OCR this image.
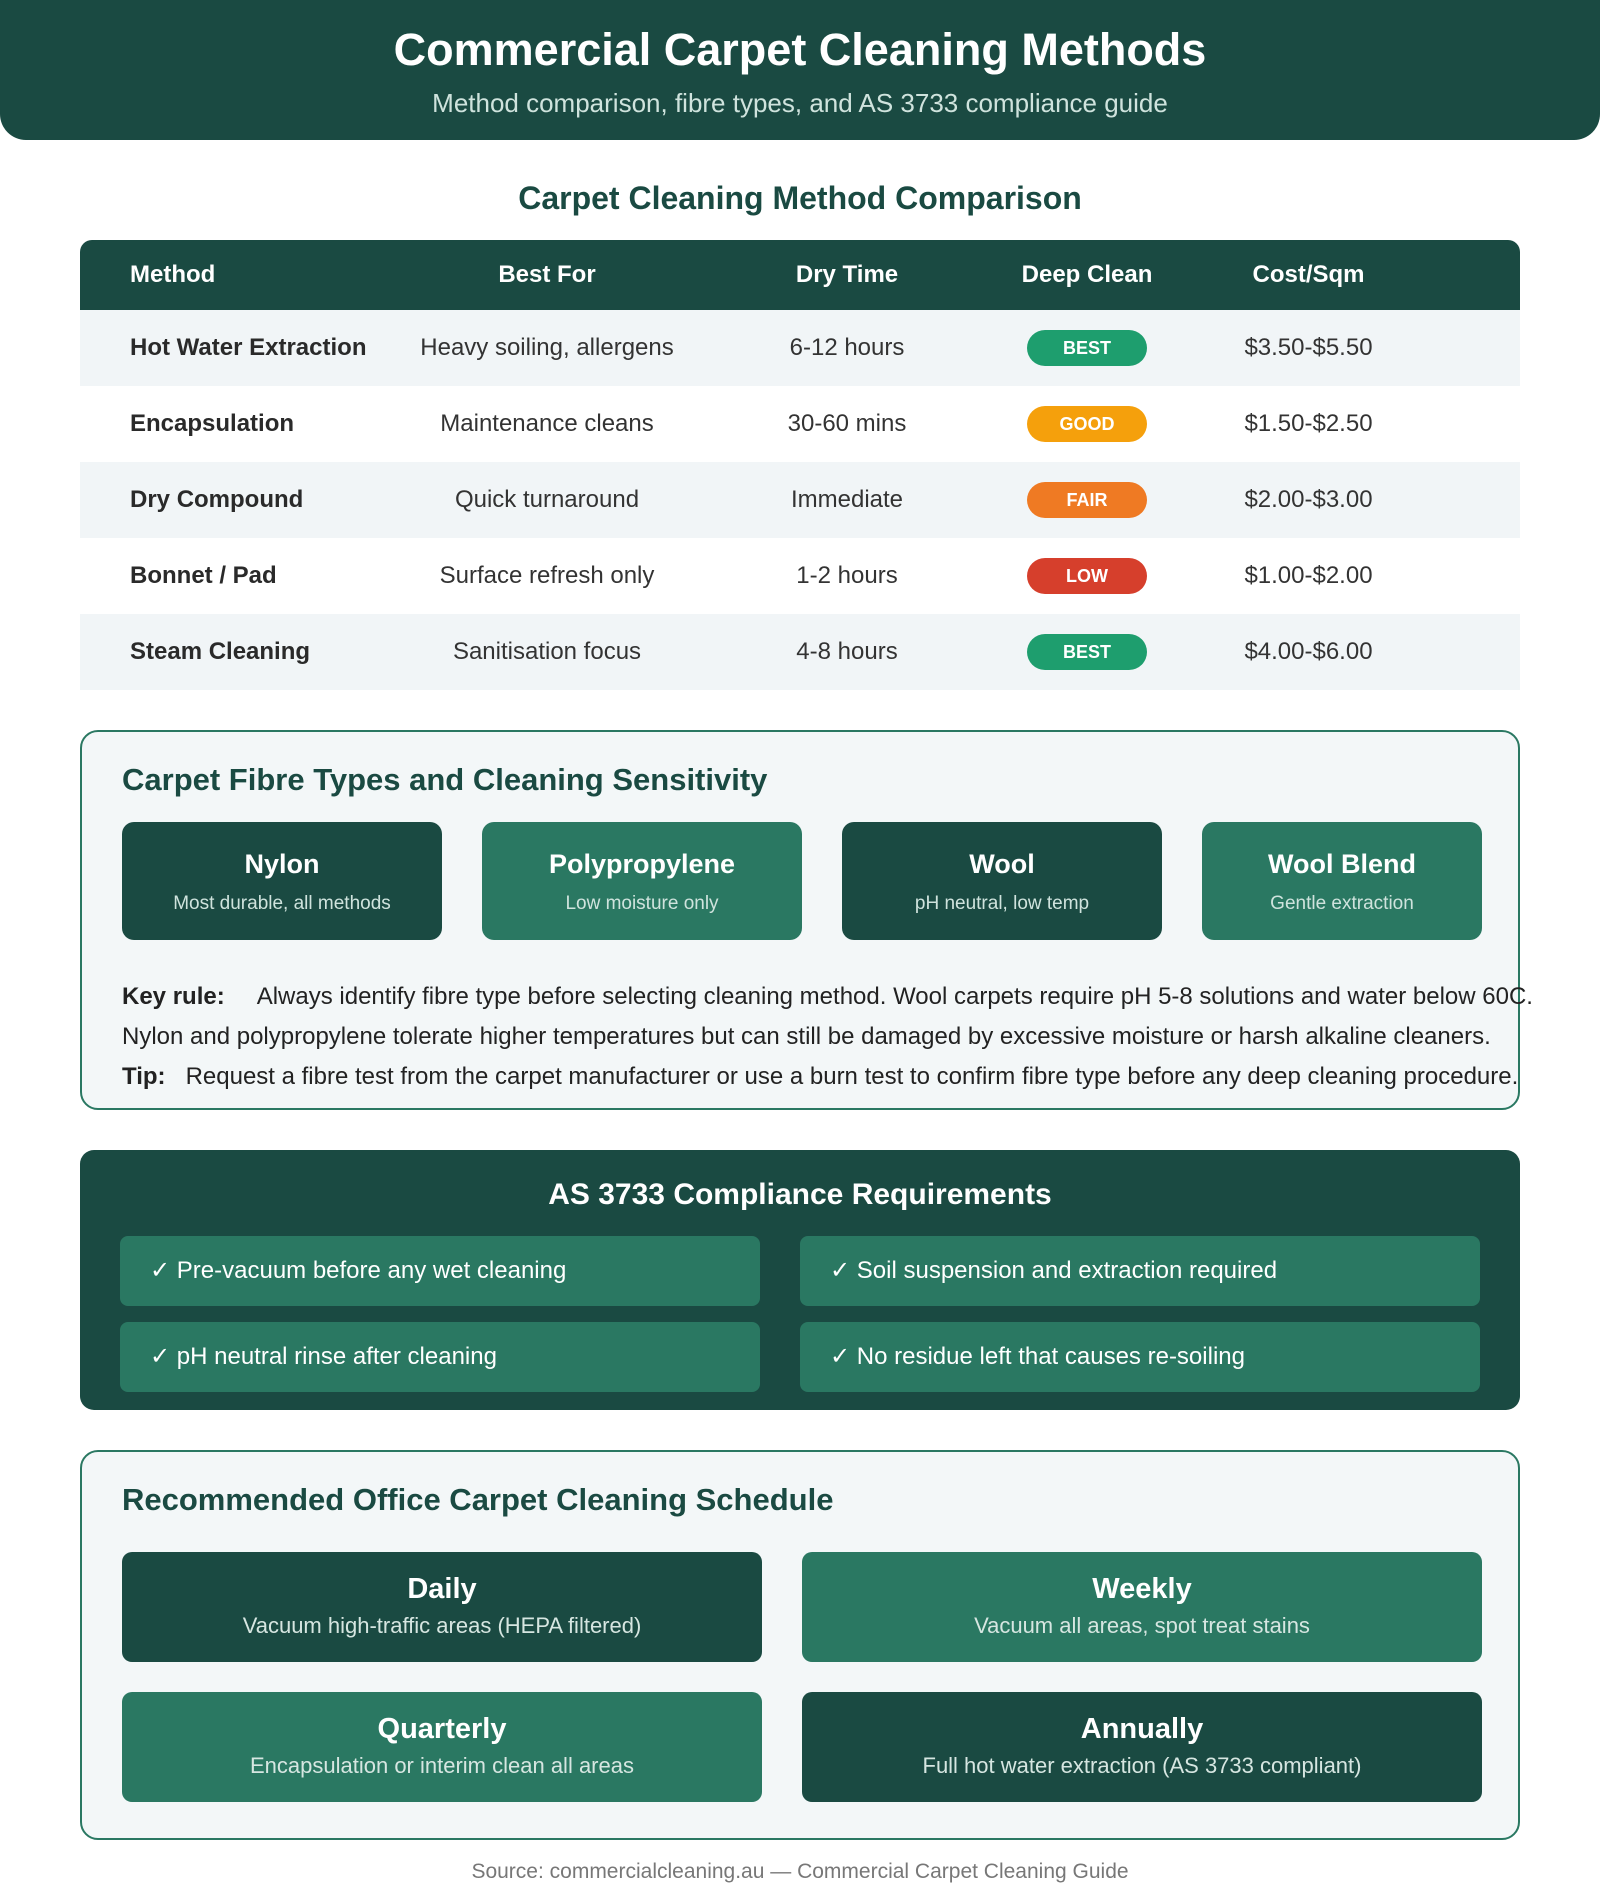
Commercial Carpet Cleaning Methods
Method comparison, fibre types, and AS 3733 compliance guide
Carpet Cleaning Method Comparison
Method	Best For	Dry Time	Deep Clean	Cost/Sqm
Hot Water Extraction	Heavy soiling, allergens	6-12 hours	BEST	$3.50-$5.50
Encapsulation	Maintenance cleans	30-60 mins	GOOD	$1.50-$2.50
Dry Compound	Quick turnaround	Immediate	FAIR	$2.00-$3.00
Bonnet / Pad	Surface refresh only	1-2 hours	LOW	$1.00-$2.00
Steam Cleaning	Sanitisation focus	4-8 hours	BEST	$4.00-$6.00
Carpet Fibre Types and Cleaning Sensitivity
Nylon
Most durable, all methods
Polypropylene
Low moisture only
Wool
pH neutral, low temp
Wool Blend
Gentle extraction
Key rule: Always identify fibre type before selecting cleaning method. Wool carpets require pH 5-8 solutions and water below 60C.
Nylon and polypropylene tolerate higher temperatures but can still be damaged by excessive moisture or harsh alkaline cleaners.
Tip: Request a fibre test from the carpet manufacturer or use a burn test to confirm fibre type before any deep cleaning procedure.
AS 3733 Compliance Requirements
✓ Pre-vacuum before any wet cleaning	✓ Soil suspension and extraction required
✓ pH neutral rinse after cleaning	✓ No residue left that causes re-soiling
Recommended Office Carpet Cleaning Schedule
Daily
Vacuum high-traffic areas (HEPA filtered)
Weekly
Vacuum all areas, spot treat stains
Quarterly
Encapsulation or interim clean all areas
Annually
Full hot water extraction (AS 3733 compliant)
Source: commercialcleaning.au — Commercial Carpet Cleaning Guide
